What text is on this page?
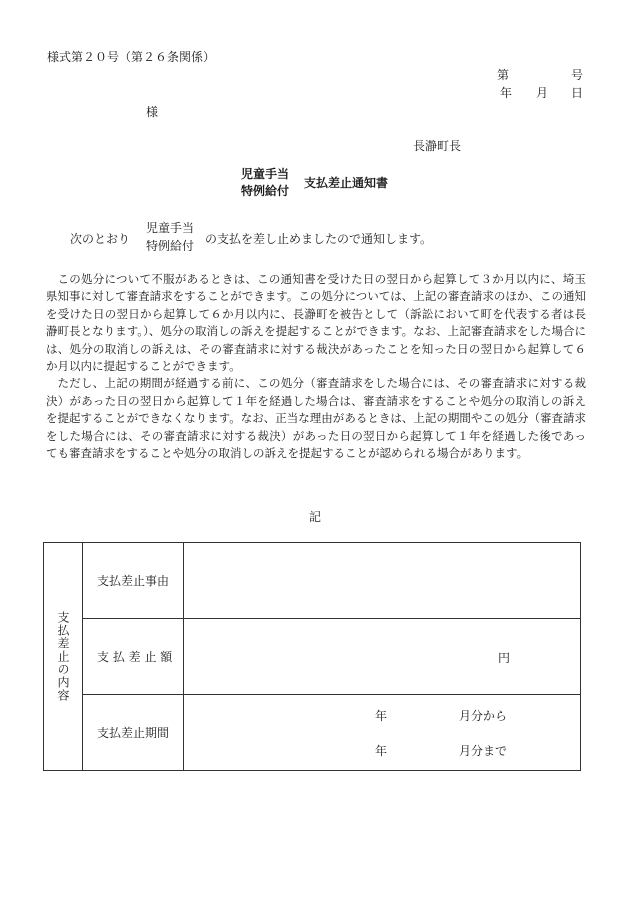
様式第２０号（第２６条関係）
第	号
年 月 日
様
長瀞町長
児童手当
特例給付
支払差止通知書
次のとおり
児童手当
特例給付 の支払を差し止めましたので通知します。

この処分について不服があるときは、この通知書を受けた日の翌日から起算して３か月以内に、埼玉県知事に対して審査請求をすることができます。この処分については、上記の審査請求のほか、この通知を受けた日の翌日から起算して６か月以内に、長瀞町を被告として（訴訟において町を代表する者は長瀞町長となります。）、処分の取消しの訴えを提起することができます。なお、上記審査請求をした場合には、処分の取消しの訴えは、その審査請求に対する裁決があったことを知った日の翌日から起算して６か月以内に提起することができます。

ただし、上記の期間が経過する前に、この処分（審査請求をした場合には、その審査請求に対する裁決）があった日の翌日から起算して１年を経過した場合は、審査請求をすることや処分の取消しの訴えを提起することができなくなります。なお、正当な理由があるときは、上記の期間やこの処分（審査請求をした場合には、その審査請求に対する裁決）があった日の翌日から起算して１年を経過した後であっても審査請求をすることや処分の取消しの訴えを提起することが認められる場合があります。

記
支払差止の内容	支払差止事由	
	支 払 差 止 額	円

	支払差止期間	年 月分から
年 月分まで
